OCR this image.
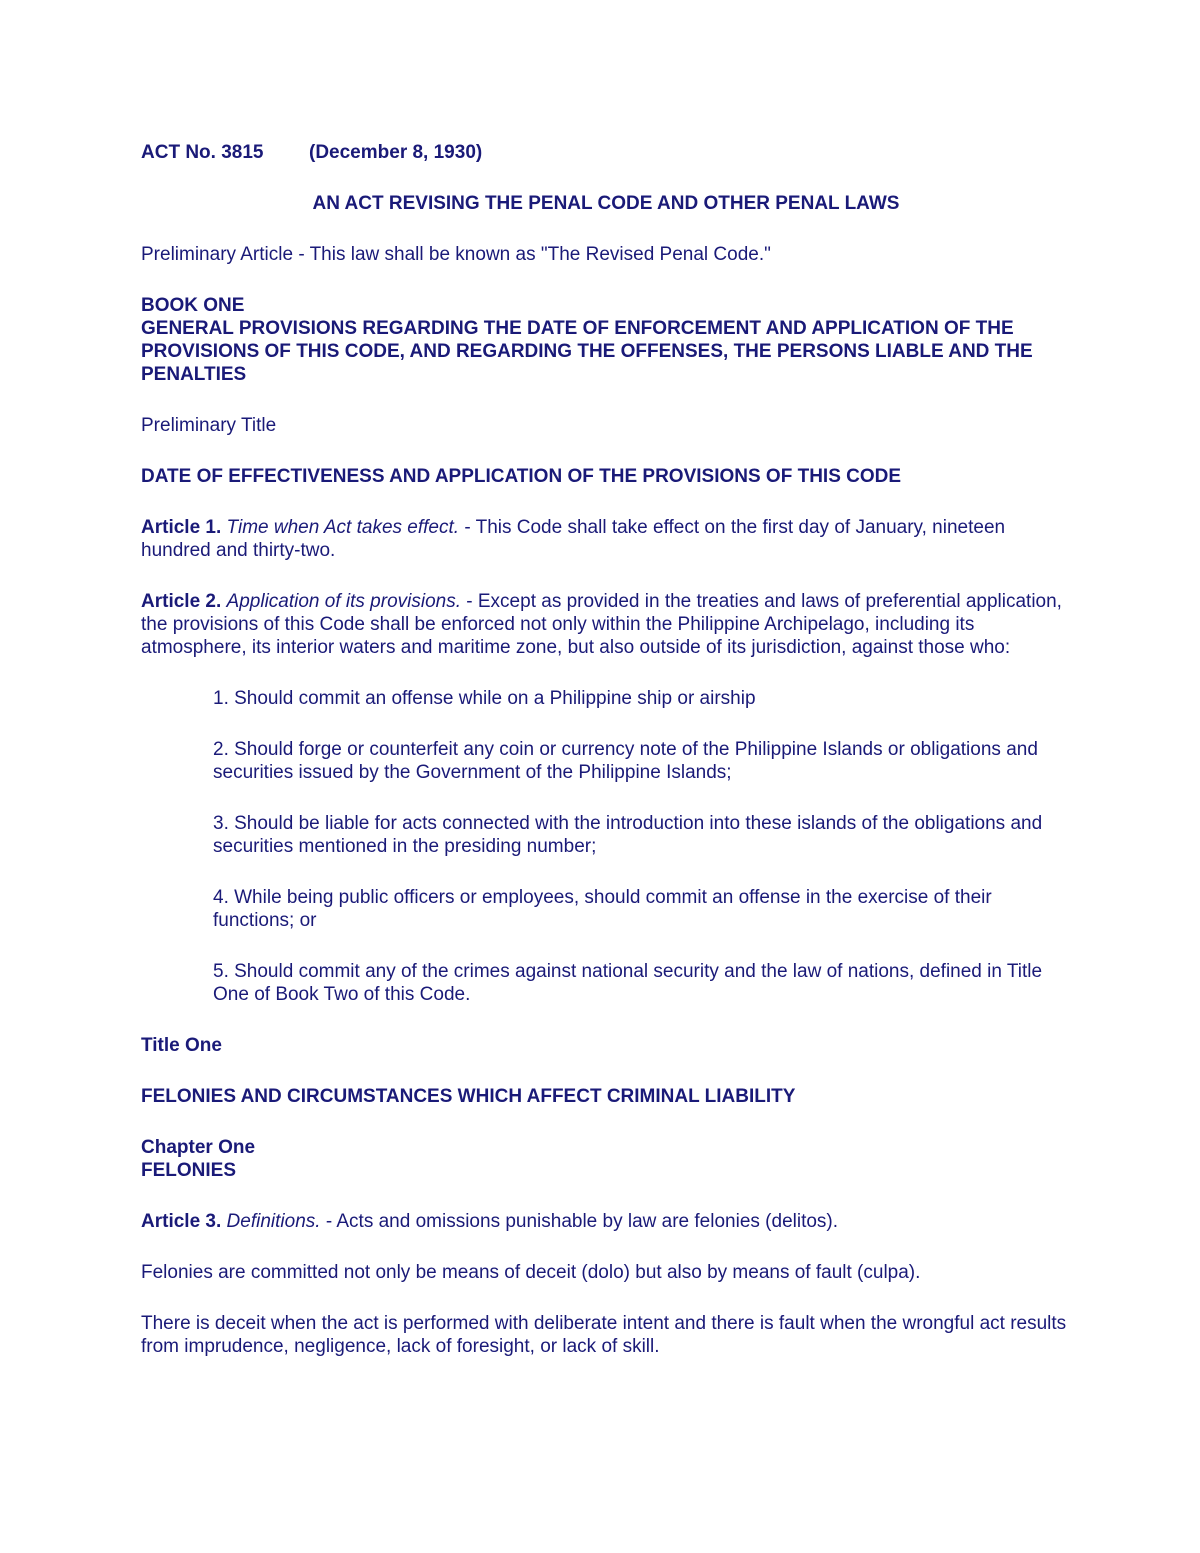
ACT No. 3815 (December 8, 1930)

AN ACT REVISING THE PENAL CODE AND OTHER PENAL LAWS

Preliminary Article - This law shall be known as "The Revised Penal Code."

BOOK ONE
GENERAL PROVISIONS REGARDING THE DATE OF ENFORCEMENT AND APPLICATION OF THE PROVISIONS OF THIS CODE, AND REGARDING THE OFFENSES, THE PERSONS LIABLE AND THE PENALTIES

Preliminary Title

DATE OF EFFECTIVENESS AND APPLICATION OF THE PROVISIONS OF THIS CODE

Article 1. Time when Act takes effect. - This Code shall take effect on the first day of January, nineteen hundred and thirty-two.

Article 2. Application of its provisions. - Except as provided in the treaties and laws of preferential application, the provisions of this Code shall be enforced not only within the Philippine Archipelago, including its atmosphere, its interior waters and maritime zone, but also outside of its jurisdiction, against those who:

1. Should commit an offense while on a Philippine ship or airship

2. Should forge or counterfeit any coin or currency note of the Philippine Islands or obligations and securities issued by the Government of the Philippine Islands;

3. Should be liable for acts connected with the introduction into these islands of the obligations and securities mentioned in the presiding number;

4. While being public officers or employees, should commit an offense in the exercise of their functions; or

5. Should commit any of the crimes against national security and the law of nations, defined in Title One of Book Two of this Code.

Title One

FELONIES AND CIRCUMSTANCES WHICH AFFECT CRIMINAL LIABILITY

Chapter One
FELONIES

Article 3. Definitions. - Acts and omissions punishable by law are felonies (delitos).

Felonies are committed not only be means of deceit (dolo) but also by means of fault (culpa).

There is deceit when the act is performed with deliberate intent and there is fault when the wrongful act results from imprudence, negligence, lack of foresight, or lack of skill.
